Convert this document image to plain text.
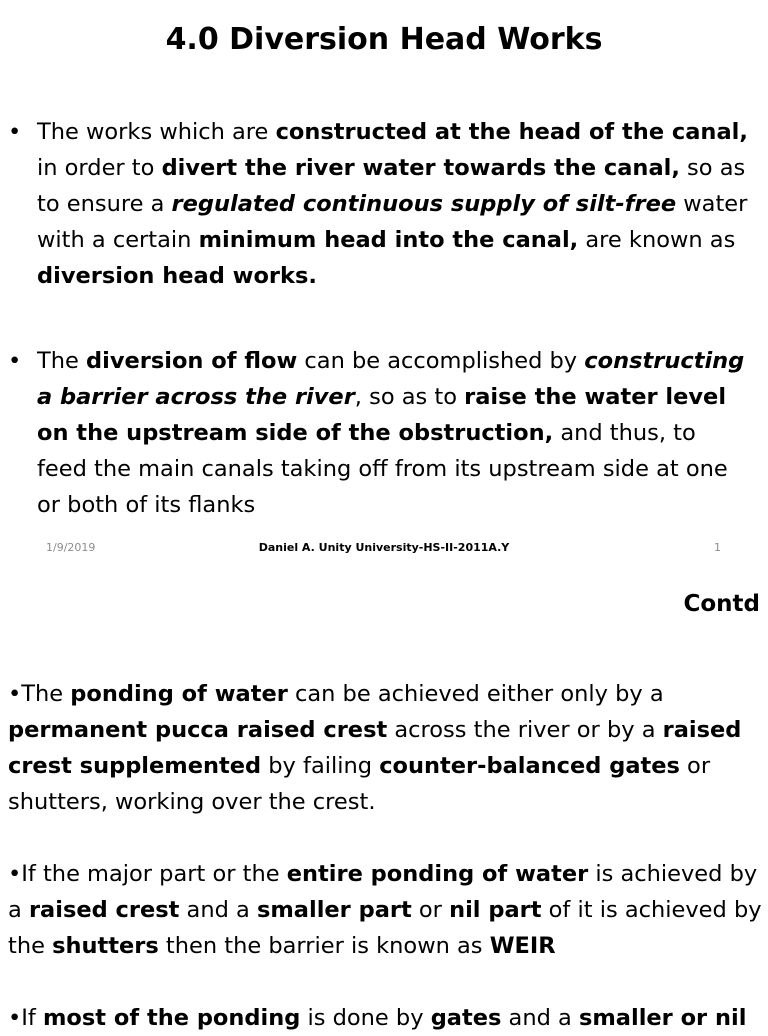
4.0 Diversion Head Works
• The works which are constructed at the head of the canal, in order to divert the river water towards the canal, so as to ensure a regulated continuous supply of silt-free water with a certain minimum head into the canal, are known as diversion head works.
• The diversion of flow can be accomplished by constructing a barrier across the river, so as to raise the water level on the upstream side of the obstruction, and thus, to feed the main canals taking off from its upstream side at one or both of its flanks
1/9/2019	Daniel A. Unity University-HS-II-2011A.Y	1
Contd
•The ponding of water can be achieved either only by a permanent pucca raised crest across the river or by a raised crest supplemented by failing counter-balanced gates or shutters, working over the crest.
•If the major part or the entire ponding of water is achieved by a raised crest and a smaller part or nil part of it is achieved by the shutters then the barrier is known as WEIR
•If most of the ponding is done by gates and a smaller or nil
